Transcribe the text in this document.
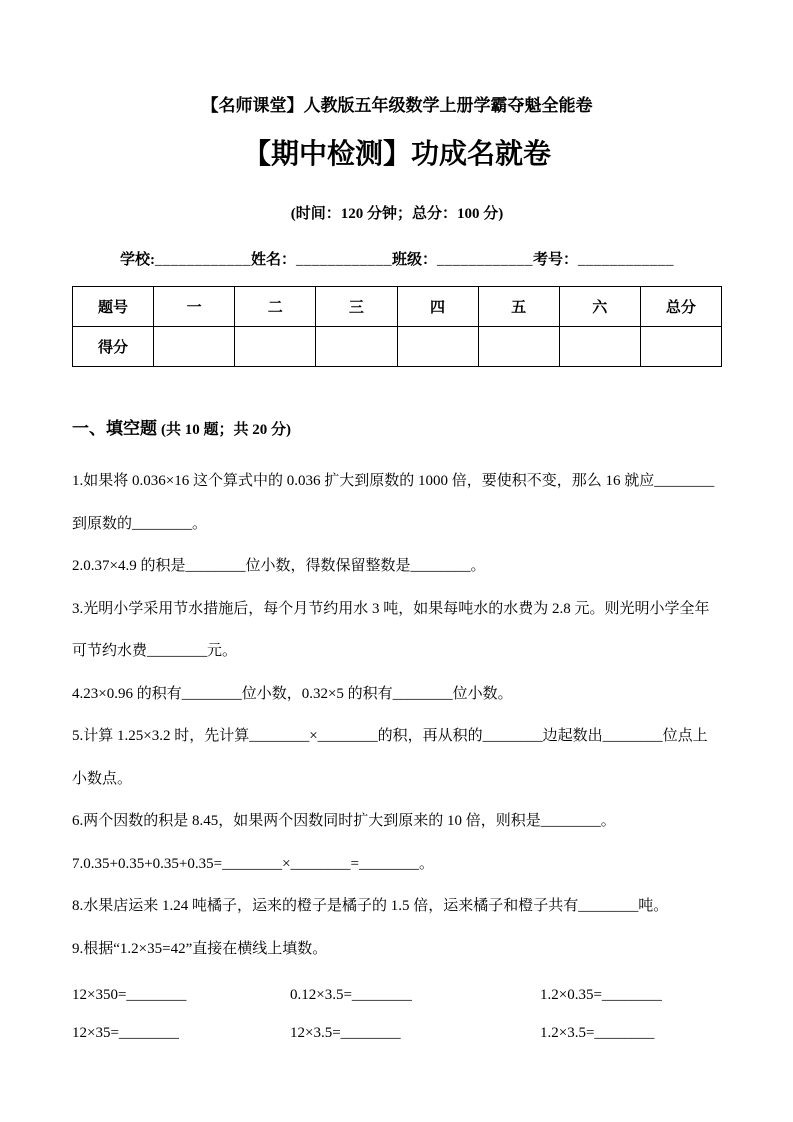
【名师课堂】人教版五年级数学上册学霸夺魁全能卷
【期中检测】功成名就卷
(时间：120 分钟；总分：100 分)
学校:____________姓名：____________班级：____________考号：____________
题号	一	二	三	四	五	六	总分
得分							
一、填空题 (共 10 题；共 20 分)

1.如果将 0.036×16 这个算式中的 0.036 扩大到原数的 1000 倍，要使积不变，那么 16 就应________到原数的________。

2.0.37×4.9 的积是________位小数，得数保留整数是________。

3.光明小学采用节水措施后，每个月节约用水 3 吨，如果每吨水的水费为 2.8 元。则光明小学全年可节约水费________元。

4.23×0.96 的积有________位小数，0.32×5 的积有________位小数。

5.计算 1.25×3.2 时，先计算________×________的积，再从积的________边起数出________位点上小数点。

6.两个因数的积是 8.45，如果两个因数同时扩大到原来的 10 倍，则积是________。

7.0.35+0.35+0.35+0.35=________×________=________。

8.水果店运来 1.24 吨橘子，运来的橙子是橘子的 1.5 倍，运来橘子和橙子共有________吨。

9.根据“1.2×35=42”直接在横线上填数。

12×350=________	0.12×3.5=________	1.2×0.35=________
12×35=________	12×3.5=________	1.2×3.5=________
